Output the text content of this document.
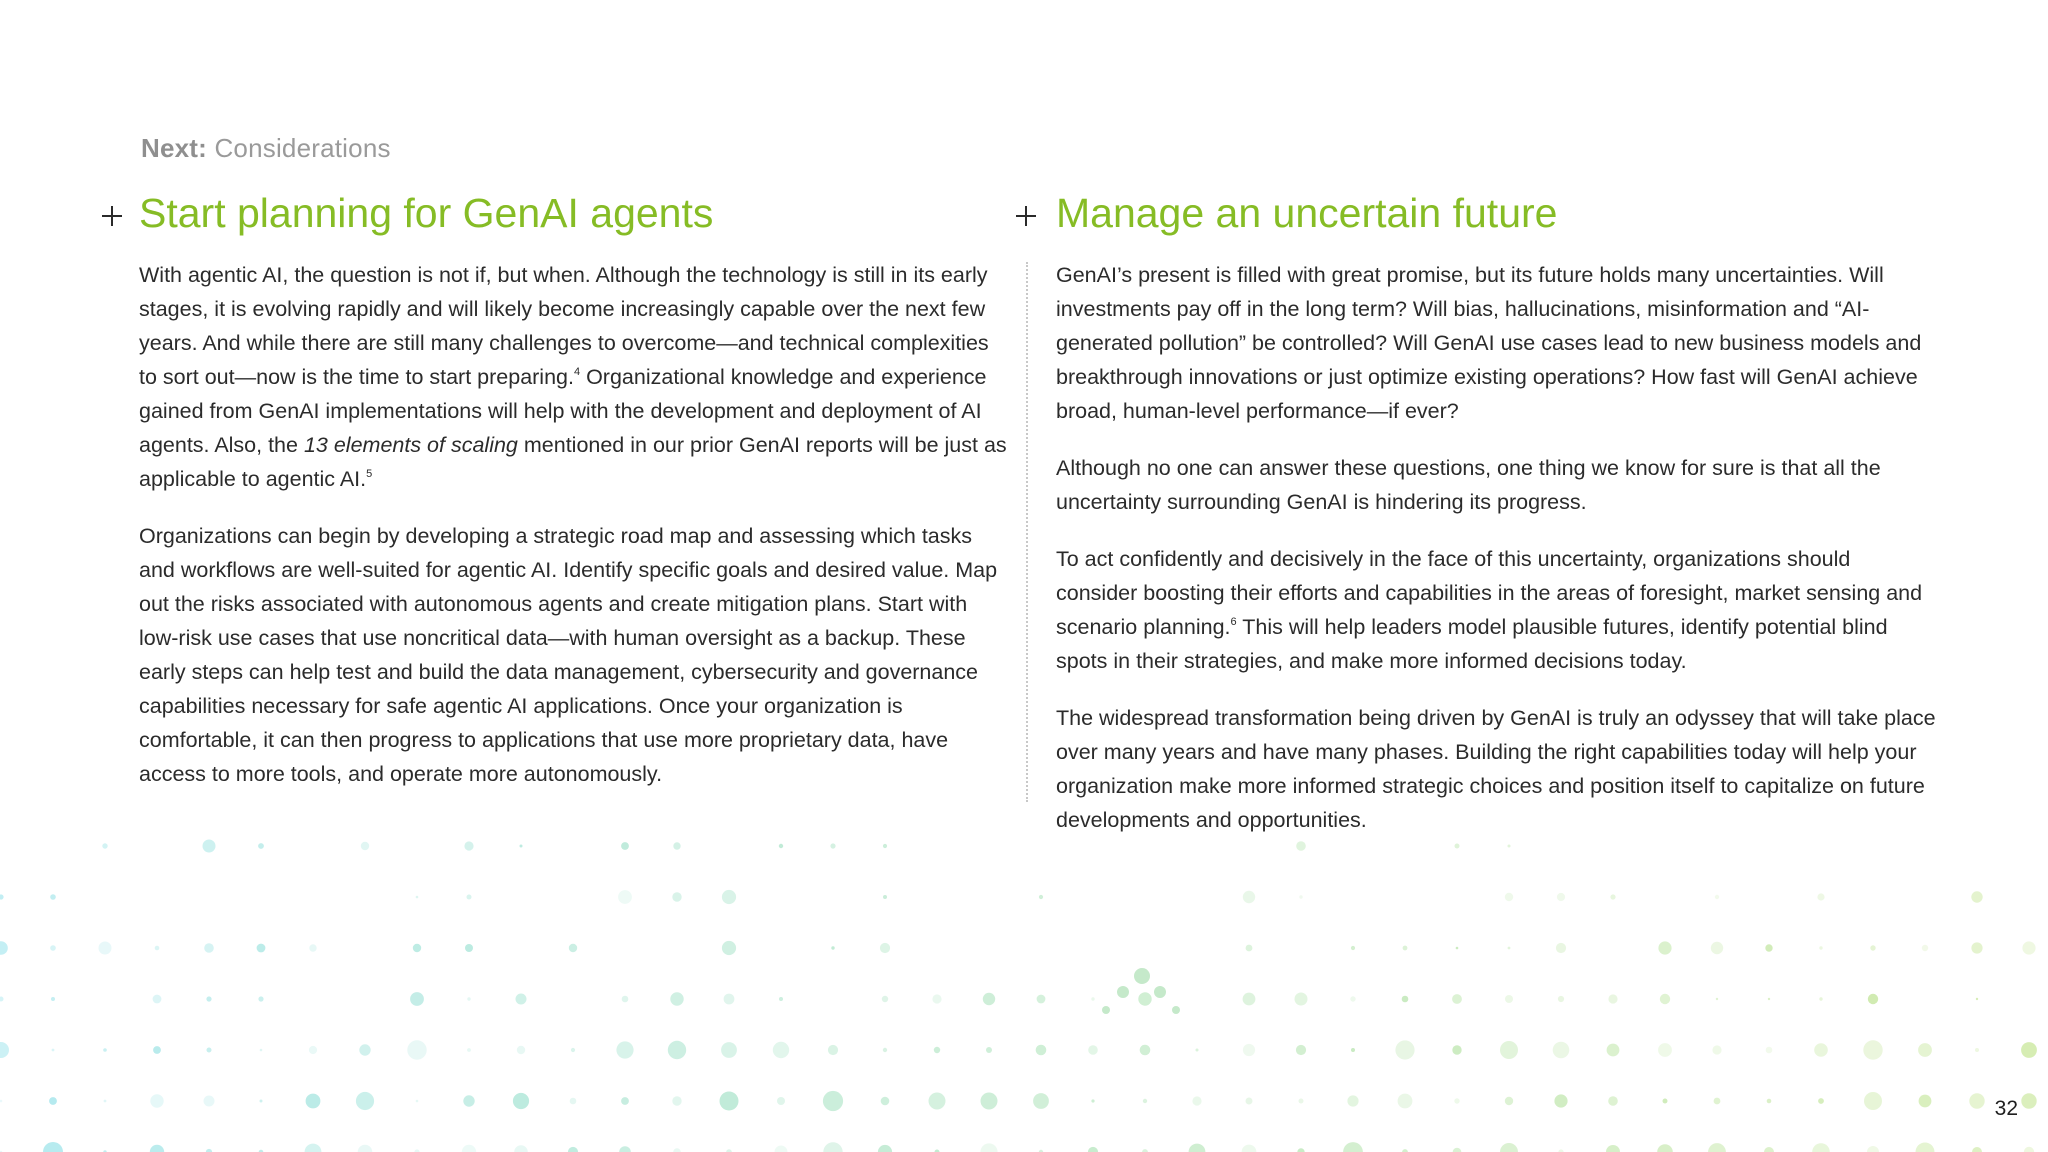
Next: Considerations
Start planning for GenAI agents

With agentic AI, the question is not if, but when. Although the technology is still in its early stages, it is evolving rapidly and will likely become increasingly capable over the next few years. And while there are still many challenges to overcome—and technical complexities to sort out—now is the time to start preparing.$^4$ Organizational knowledge and experience gained from GenAI implementations will help with the development and deployment of AI agents. Also, the 13 elements of scaling mentioned in our prior GenAI reports will be just as applicable to agentic AI.$^5$

Organizations can begin by developing a strategic road map and assessing which tasks and workflows are well-suited for agentic AI. Identify specific goals and desired value. Map out the risks associated with autonomous agents and create mitigation plans. Start with low-risk use cases that use noncritical data—with human oversight as a backup. These early steps can help test and build the data management, cybersecurity and governance capabilities necessary for safe agentic AI applications. Once your organization is comfortable, it can then progress to applications that use more proprietary data, have access to more tools, and operate more autonomously.

Manage an uncertain future

GenAI’s present is filled with great promise, but its future holds many uncertainties. Will investments pay off in the long term? Will bias, hallucinations, misinformation and “AI-generated pollution” be controlled? Will GenAI use cases lead to new business models and breakthrough innovations or just optimize existing operations? How fast will GenAI achieve broad, human-level performance—if ever?

Although no one can answer these questions, one thing we know for sure is that all the uncertainty surrounding GenAI is hindering its progress.

To act confidently and decisively in the face of this uncertainty, organizations should consider boosting their efforts and capabilities in the areas of foresight, market sensing and scenario planning.$^6$ This will help leaders model plausible futures, identify potential blind spots in their strategies, and make more informed decisions today.

The widespread transformation being driven by GenAI is truly an odyssey that will take place over many years and have many phases. Building the right capabilities today will help your organization make more informed strategic choices and position itself to capitalize on future developments and opportunities.

32
